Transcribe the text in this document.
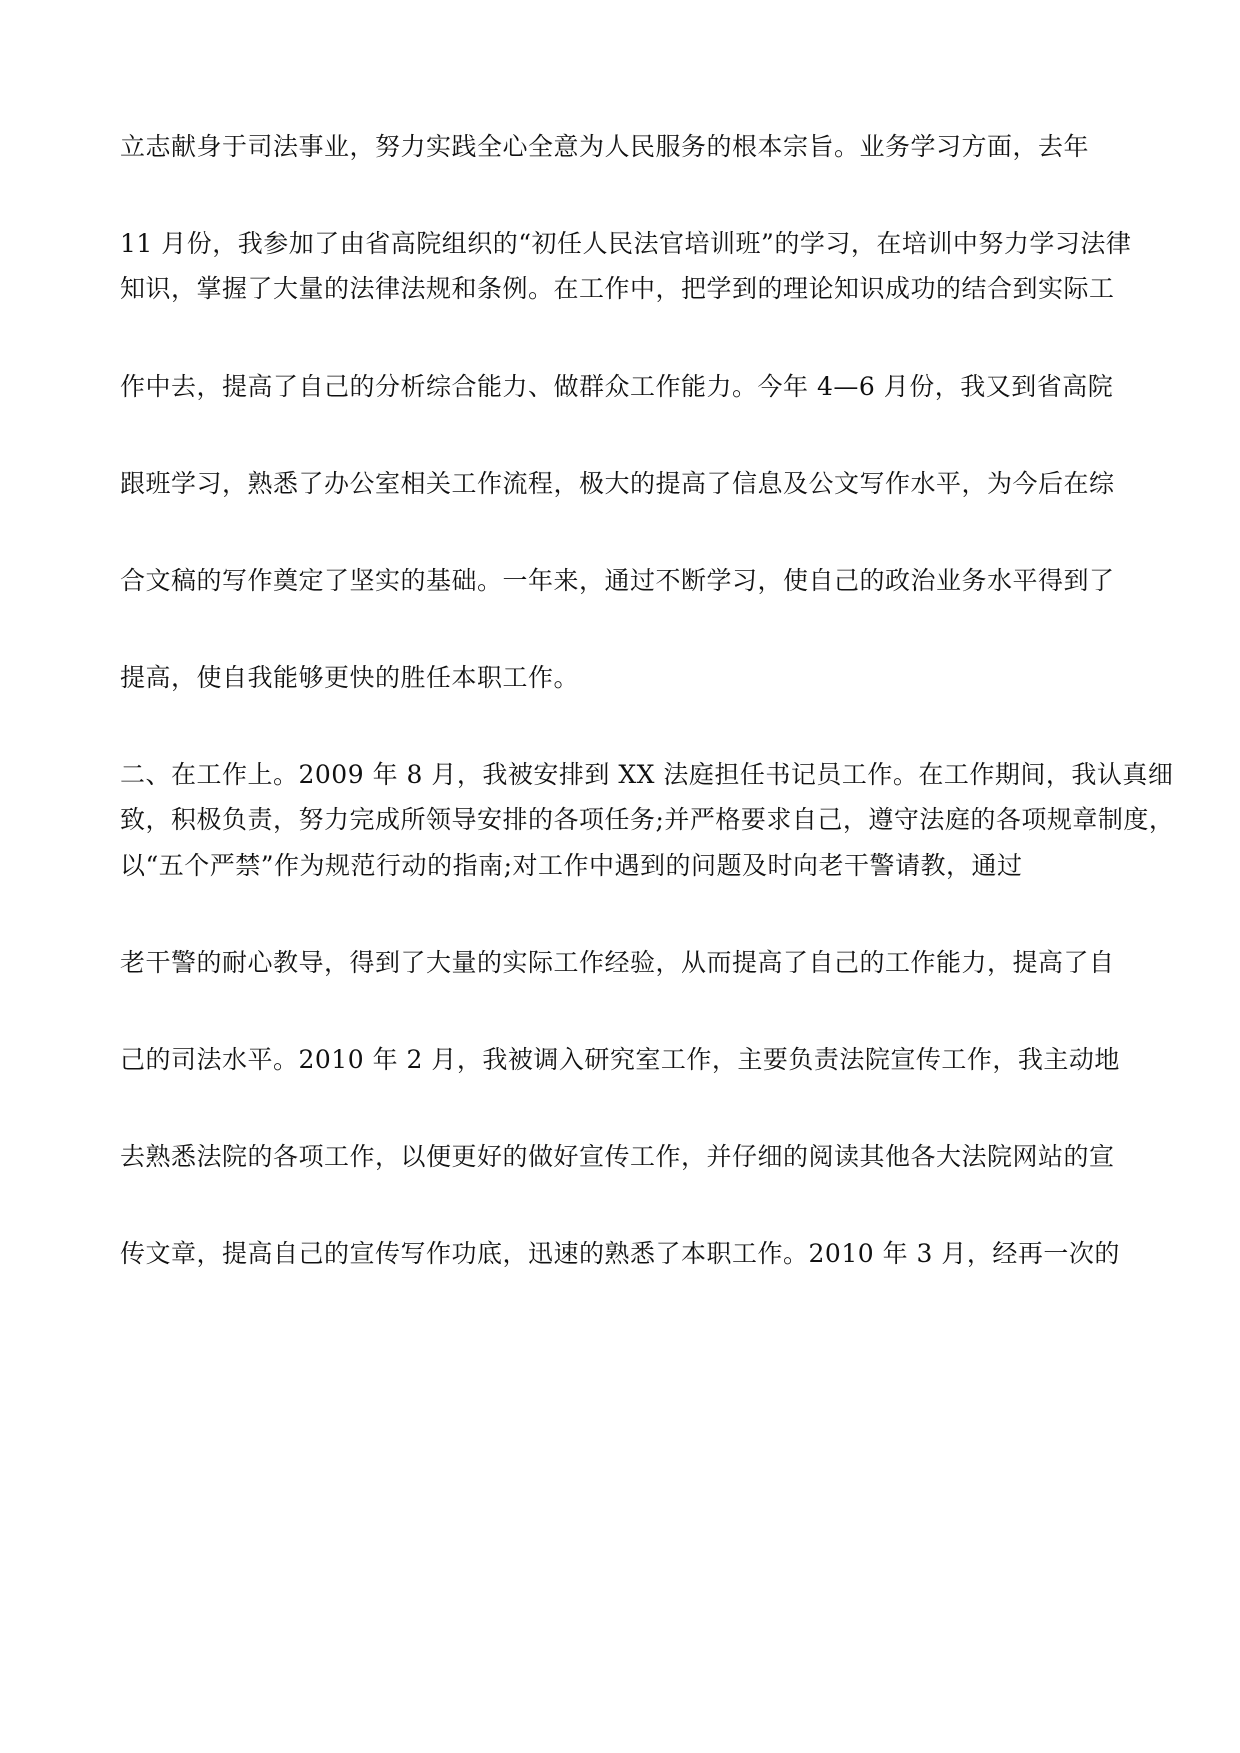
立志献身于司法事业，努力实践全心全意为人民服务的根本宗旨。业务学习方面，去年
11 月份，我参加了由省高院组织的“初任人民法官培训班”的学习，在培训中努力学习法律
知识，掌握了大量的法律法规和条例。在工作中，把学到的理论知识成功的结合到实际工
作中去，提高了自己的分析综合能力、做群众工作能力。今年 4—6 月份，我又到省高院
跟班学习，熟悉了办公室相关工作流程，极大的提高了信息及公文写作水平，为今后在综
合文稿的写作奠定了坚实的基础。一年来，通过不断学习，使自己的政治业务水平得到了
提高，使自我能够更快的胜任本职工作。
二、在工作上。2009 年 8 月，我被安排到 XX 法庭担任书记员工作。在工作期间，我认真细
致，积极负责，努力完成所领导安排的各项任务;并严格要求自己，遵守法庭的各项规章制度，
以“五个严禁”作为规范行动的指南;对工作中遇到的问题及时向老干警请教，通过
老干警的耐心教导，得到了大量的实际工作经验，从而提高了自己的工作能力，提高了自
己的司法水平。2010 年 2 月，我被调入研究室工作，主要负责法院宣传工作，我主动地
去熟悉法院的各项工作，以便更好的做好宣传工作，并仔细的阅读其他各大法院网站的宣
传文章，提高自己的宣传写作功底，迅速的熟悉了本职工作。2010 年 3 月，经再一次的
